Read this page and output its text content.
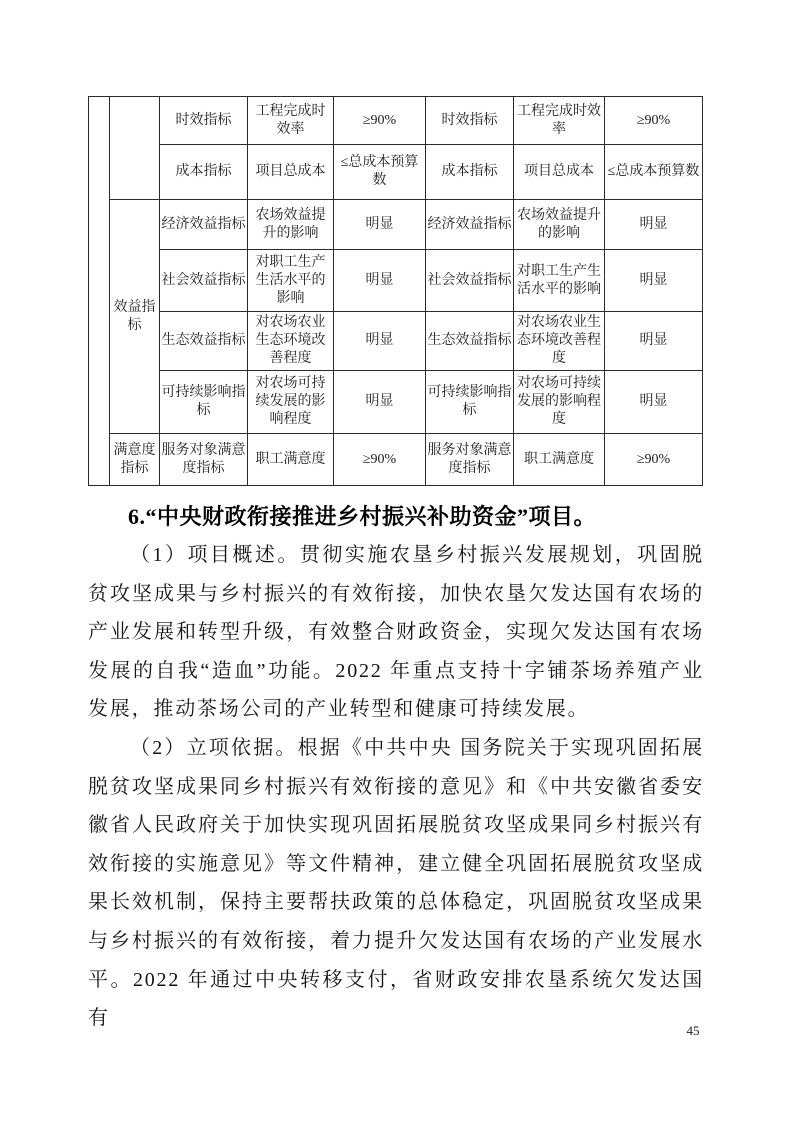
		时效指标	工程完成时效率	≥90%	时效指标	工程完成时效率	≥90%
		成本指标	项目总成本	≤总成本预算数	成本指标	项目总成本	≤总成本预算数
	效益指标	经济效益指标	农场效益提升的影响	明显	经济效益指标	农场效益提升的影响	明显
		社会效益指标	对职工生产生活水平的影响	明显	社会效益指标	对职工生产生活水平的影响	明显
		生态效益指标	对农场农业生态环境改善程度	明显	生态效益指标	对农场农业生态环境改善程度	明显
		可持续影响指标	对农场可持续发展的影响程度	明显	可持续影响指标	对农场可持续发展的影响程度	明显
	满意度指标	服务对象满意度指标	职工满意度	≥90%	服务对象满意度指标	职工满意度	≥90%
6.“中央财政衔接推进乡村振兴补助资金”项目。

（1）项目概述。贯彻实施农垦乡村振兴发展规划，巩固脱贫攻坚成果与乡村振兴的有效衔接，加快农垦欠发达国有农场的产业发展和转型升级，有效整合财政资金，实现欠发达国有农场发展的自我“造血”功能。2022 年重点支持十字铺茶场养殖产业发展，推动茶场公司的产业转型和健康可持续发展。

（2）立项依据。根据《中共中央 国务院关于实现巩固拓展脱贫攻坚成果同乡村振兴有效衔接的意见》和《中共安徽省委安徽省人民政府关于加快实现巩固拓展脱贫攻坚成果同乡村振兴有效衔接的实施意见》等文件精神，建立健全巩固拓展脱贫攻坚成果长效机制，保持主要帮扶政策的总体稳定，巩固脱贫攻坚成果与乡村振兴的有效衔接，着力提升欠发达国有农场的产业发展水平。2022 年通过中央转移支付，省财政安排农垦系统欠发达国有

45
